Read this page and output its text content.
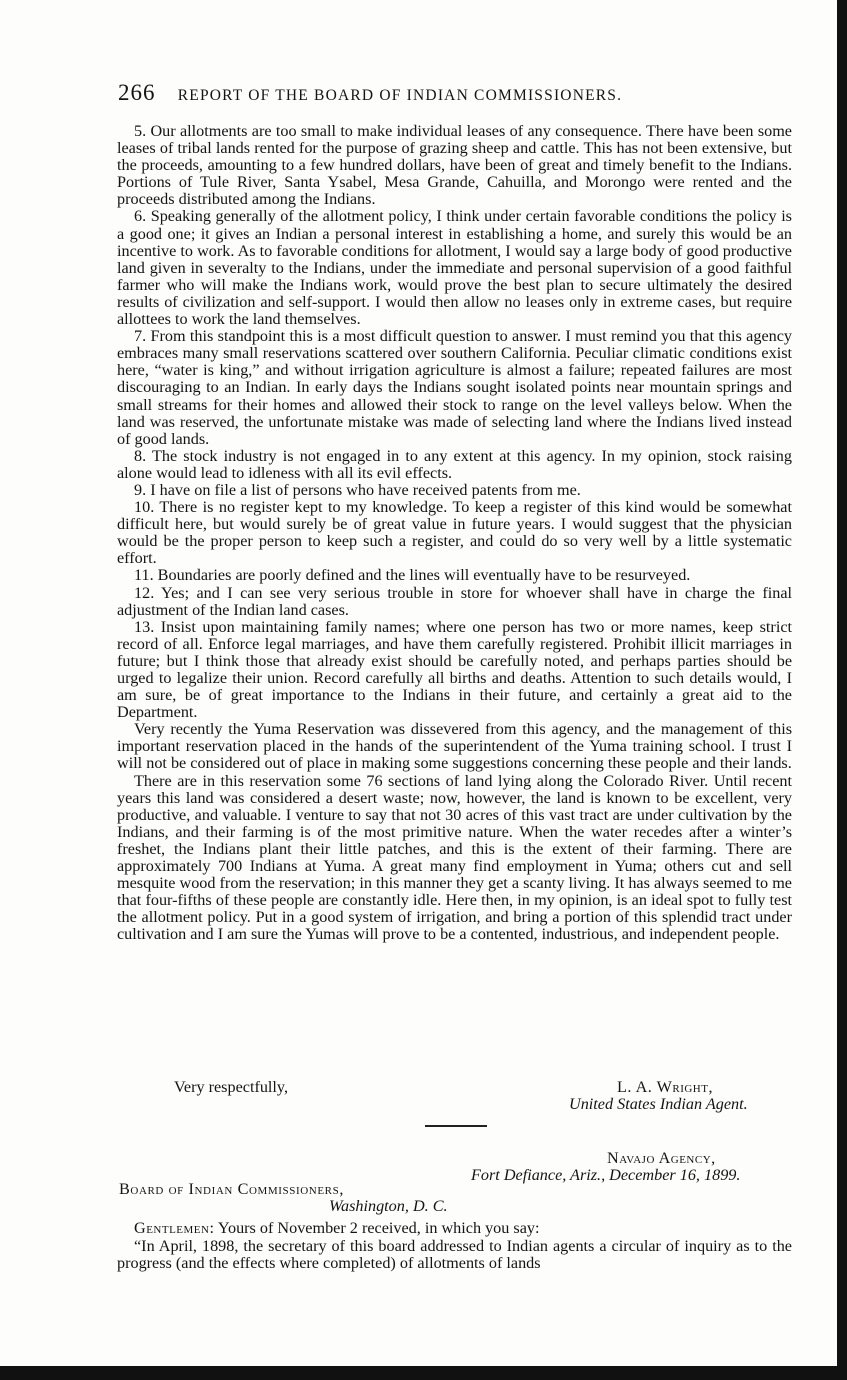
266 REPORT OF THE BOARD OF INDIAN COMMISSIONERS.

5. Our allotments are too small to make individual leases of any consequence. There have been some leases of tribal lands rented for the purpose of grazing sheep and cattle. This has not been extensive, but the proceeds, amounting to a few hundred dollars, have been of great and timely benefit to the Indians. Portions of Tule River, Santa Ysabel, Mesa Grande, Cahuilla, and Morongo were rented and the proceeds distributed among the Indians.

6. Speaking generally of the allotment policy, I think under certain favorable conditions the policy is a good one; it gives an Indian a personal interest in establishing a home, and surely this would be an incentive to work. As to favorable conditions for allotment, I would say a large body of good productive land given in severalty to the Indians, under the immediate and personal supervision of a good faithful farmer who will make the Indians work, would prove the best plan to secure ultimately the desired results of civilization and self-support. I would then allow no leases only in extreme cases, but require allottees to work the land themselves.

7. From this standpoint this is a most difficult question to answer. I must remind you that this agency embraces many small reservations scattered over southern California. Peculiar climatic conditions exist here, “water is king,” and without irrigation agriculture is almost a failure; repeated failures are most discouraging to an Indian. In early days the Indians sought isolated points near mountain springs and small streams for their homes and allowed their stock to range on the level valleys below. When the land was reserved, the unfortunate mistake was made of selecting land where the Indians lived instead of good lands.

8. The stock industry is not engaged in to any extent at this agency. In my opinion, stock raising alone would lead to idleness with all its evil effects.

9. I have on file a list of persons who have received patents from me.

10. There is no register kept to my knowledge. To keep a register of this kind would be somewhat difficult here, but would surely be of great value in future years. I would suggest that the physician would be the proper person to keep such a register, and could do so very well by a little systematic effort.

11. Boundaries are poorly defined and the lines will eventually have to be resurveyed.

12. Yes; and I can see very serious trouble in store for whoever shall have in charge the final adjustment of the Indian land cases.

13. Insist upon maintaining family names; where one person has two or more names, keep strict record of all. Enforce legal marriages, and have them carefully registered. Prohibit illicit marriages in future; but I think those that already exist should be carefully noted, and perhaps parties should be urged to legalize their union. Record carefully all births and deaths. Attention to such details would, I am sure, be of great importance to the Indians in their future, and certainly a great aid to the Department.

Very recently the Yuma Reservation was dissevered from this agency, and the management of this important reservation placed in the hands of the superintendent of the Yuma training school. I trust I will not be considered out of place in making some suggestions concerning these people and their lands.

There are in this reservation some 76 sections of land lying along the Colorado River. Until recent years this land was considered a desert waste; now, however, the land is known to be excellent, very productive, and valuable. I venture to say that not 30 acres of this vast tract are under cultivation by the Indians, and their farming is of the most primitive nature. When the water recedes after a winter’s freshet, the Indians plant their little patches, and this is the extent of their farming. There are approximately 700 Indians at Yuma. A great many find employment in Yuma; others cut and sell mesquite wood from the reservation; in this manner they get a scanty living. It has always seemed to me that four-fifths of these people are constantly idle. Here then, in my opinion, is an ideal spot to fully test the allotment policy. Put in a good system of irrigation, and bring a portion of this splendid tract under cultivation and I am sure the Yumas will prove to be a contented, industrious, and independent people.

Very respectfully,	L. A. Wright,
United States Indian Agent.
Navajo Agency,
Fort Defiance, Ariz., December 16, 1899.
Board of Indian Commissioners,
Washington, D. C.

Gentlemen: Yours of November 2 received, in which you say:

“In April, 1898, the secretary of this board addressed to Indian agents a circular of inquiry as to the progress (and the effects where completed) of allotments of lands
